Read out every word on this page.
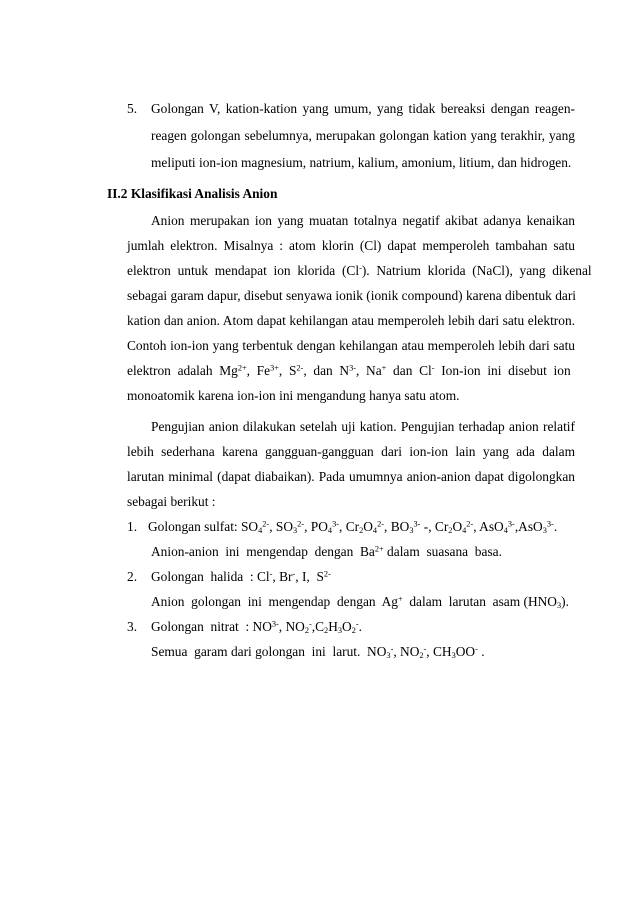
5. Golongan V, kation-kation yang umum, yang tidak bereaksi dengan reagen-
reagen golongan sebelumnya, merupakan golongan kation yang terakhir, yang
meliputi ion-ion magnesium, natrium, kalium, amonium, litium, dan hidrogen.
II.2 Klasifikasi Analisis Anion
Anion merupakan ion yang muatan totalnya negatif akibat adanya kenaikan
jumlah elektron. Misalnya : atom klorin (Cl) dapat memperoleh tambahan satu
elektron  untuk  mendapat  ion  klorida  (Cl-).  Natrium  klorida  (NaCl),  yang  dikenal
sebagai garam dapur, disebut senyawa ionik (ionik compound) karena dibentuk dari
kation dan anion. Atom dapat kehilangan atau memperoleh lebih dari satu elektron.
Contoh ion-ion yang terbentuk dengan kehilangan atau memperoleh lebih dari satu
elektron  adalah  $Mg^{2+}$,  $Fe^{3+}$,  $S^{2-}$,  dan  $N^{3-}$,  Na+  dan  Cl-  Ion-ion  ini  disebut  ion
monoatomik karena ion-ion ini mengandung hanya satu atom.
Pengujian anion dilakukan setelah uji kation. Pengujian terhadap anion relatif
lebih sederhana karena gangguan-gangguan dari ion-ion lain yang ada dalam
larutan minimal (dapat diabaikan). Pada umumnya anion-anion dapat digolongkan
sebagai berikut :
1. Golongan sulfat: $SO_4^{2-}$, $SO_3^{2-}$, $PO_4^{3-}$, $Cr_2O_4^{2-}$, $BO_3^{3-}$ -, $Cr_2O_4^{2-}$, AsO$_4^{3-}$,AsO$_3^{3-}$.
Anion-anion  ini  mengendap  dengan  $Ba^{2+}$ dalam  suasana  basa.
2. Golongan  halida  : Cl-, Br-, I,  $S^{2-}$
Anion  golongan  ini  mengendap  dengan  Ag+  dalam  larutan  asam $(HNO_3)$.
3. Golongan  nitrat  : $NO^{3-}$, $NO_2^-,C_2H_3O_2^-$.
Semua  garam dari golongan  ini  larut.  $NO_3^-$, $NO_2^-$, $CH_3OO^-$ .
